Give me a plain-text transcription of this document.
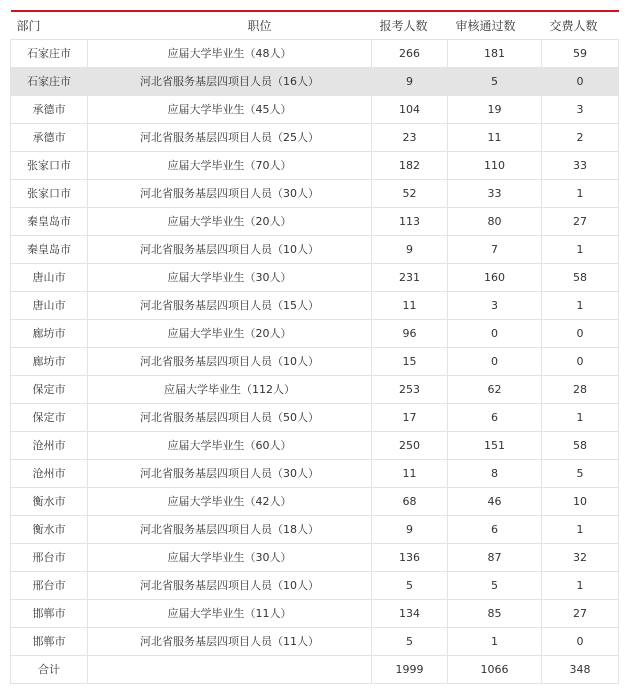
部门	职位	报考人数	审核通过数	交费人数
石家庄市	应届大学毕业生（48人）	266	181	59
石家庄市	河北省服务基层四项目人员（16人）	9	5	0
承德市	应届大学毕业生（45人）	104	19	3
承德市	河北省服务基层四项目人员（25人）	23	11	2
张家口市	应届大学毕业生（70人）	182	110	33
张家口市	河北省服务基层四项目人员（30人）	52	33	1
秦皇岛市	应届大学毕业生（20人）	113	80	27
秦皇岛市	河北省服务基层四项目人员（10人）	9	7	1
唐山市	应届大学毕业生（30人）	231	160	58
唐山市	河北省服务基层四项目人员（15人）	11	3	1
廊坊市	应届大学毕业生（20人）	96	0	0
廊坊市	河北省服务基层四项目人员（10人）	15	0	0
保定市	应届大学毕业生（112人）	253	62	28
保定市	河北省服务基层四项目人员（50人）	17	6	1
沧州市	应届大学毕业生（60人）	250	151	58
沧州市	河北省服务基层四项目人员（30人）	11	8	5
衡水市	应届大学毕业生（42人）	68	46	10
衡水市	河北省服务基层四项目人员（18人）	9	6	1
邢台市	应届大学毕业生（30人）	136	87	32
邢台市	河北省服务基层四项目人员（10人）	5	5	1
邯郸市	应届大学毕业生（11人）	134	85	27
邯郸市	河北省服务基层四项目人员（11人）	5	1	0
合计		1999	1066	348
